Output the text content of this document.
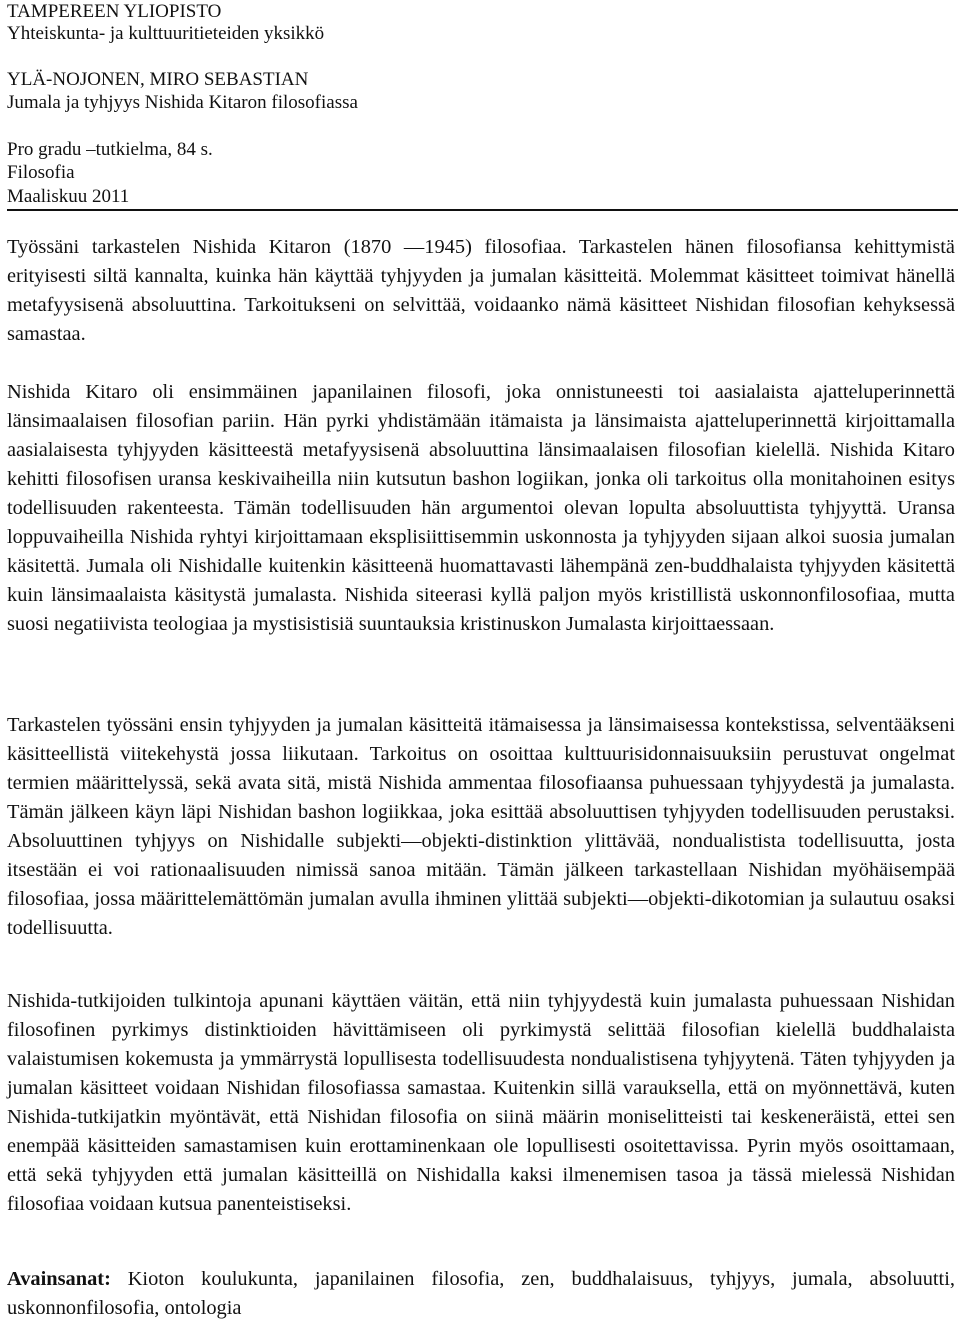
TAMPEREEN YLIOPISTO
Yhteiskunta- ja kulttuuritieteiden yksikkö
YLÄ-NOJONEN, MIRO SEBASTIAN
Jumala ja tyhjyys Nishida Kitaron filosofiassa
Pro gradu –tutkielma, 84 s.
Filosofia
Maaliskuu 2011

Työssäni tarkastelen Nishida Kitaron (1870 —1945) filosofiaa. Tarkastelen hänen filosofiansa kehittymistä erityisesti siltä kannalta, kuinka hän käyttää tyhjyyden ja jumalan käsitteitä. Molemmat käsitteet toimivat hänellä metafyysisenä absoluuttina. Tarkoitukseni on selvittää, voidaanko nämä käsitteet Nishidan filosofian kehyksessä samastaa.

Nishida Kitaro oli ensimmäinen japanilainen filosofi, joka onnistuneesti toi aasialaista ajatteluperinnettä länsimaalaisen filosofian pariin. Hän pyrki yhdistämään itämaista ja länsimaista ajatteluperinnettä kirjoittamalla aasialaisesta tyhjyyden käsitteestä metafyysisenä absoluuttina länsimaalaisen filosofian kielellä. Nishida Kitaro kehitti filosofisen uransa keskivaiheilla niin kutsutun bashon logiikan, jonka oli tarkoitus olla monitahoinen esitys todellisuuden rakenteesta. Tämän todellisuuden hän argumentoi olevan lopulta absoluuttista tyhjyyttä. Uransa loppuvaiheilla Nishida ryhtyi kirjoittamaan eksplisiittisemmin uskonnosta ja tyhjyyden sijaan alkoi suosia jumalan käsitettä. Jumala oli Nishidalle kuitenkin käsitteenä huomattavasti lähempänä zen-buddhalaista tyhjyyden käsitettä kuin länsimaalaista käsitystä jumalasta. Nishida siteerasi kyllä paljon myös kristillistä uskonnonfilosofiaa, mutta suosi negatiivista teologiaa ja mystisistisiä suuntauksia kristinuskon Jumalasta kirjoittaessaan.

Tarkastelen työssäni ensin tyhjyyden ja jumalan käsitteitä itämaisessa ja länsimaisessa kontekstissa, selventääkseni käsitteellistä viitekehystä jossa liikutaan. Tarkoitus on osoittaa kulttuurisidonnaisuuksiin perustuvat ongelmat termien määrittelyssä, sekä avata sitä, mistä Nishida ammentaa filosofiaansa puhuessaan tyhjyydestä ja jumalasta. Tämän jälkeen käyn läpi Nishidan bashon logiikkaa, joka esittää absoluuttisen tyhjyyden todellisuuden perustaksi. Absoluuttinen tyhjyys on Nishidalle subjekti—objekti-distinktion ylittävää, nondualistista todellisuutta, josta itsestään ei voi rationaalisuuden nimissä sanoa mitään. Tämän jälkeen tarkastellaan Nishidan myöhäisempää filosofiaa, jossa määrittelemättömän jumalan avulla ihminen ylittää subjekti—objekti-dikotomian ja sulautuu osaksi todellisuutta.

Nishida-tutkijoiden tulkintoja apunani käyttäen väitän, että niin tyhjyydestä kuin jumalasta puhuessaan Nishidan filosofinen pyrkimys distinktioiden hävittämiseen oli pyrkimystä selittää filosofian kielellä buddhalaista valaistumisen kokemusta ja ymmärrystä lopullisesta todellisuudesta nondualistisena tyhjyytenä. Täten tyhjyyden ja jumalan käsitteet voidaan Nishidan filosofiassa samastaa. Kuitenkin sillä varauksella, että on myönnettävä, kuten Nishida-tutkijatkin myöntävät, että Nishidan filosofia on siinä määrin moniselitteisti tai keskeneräistä, ettei sen enempää käsitteiden samastamisen kuin erottaminenkaan ole lopullisesti osoitettavissa. Pyrin myös osoittamaan, että sekä tyhjyyden että jumalan käsitteillä on Nishidalla kaksi ilmenemisen tasoa ja tässä mielessä Nishidan filosofiaa voidaan kutsua panenteistiseksi.

Avainsanat: Kioton koulukunta, japanilainen filosofia, zen, buddhalaisuus, tyhjyys, jumala, absoluutti, uskonnonfilosofia, ontologia
